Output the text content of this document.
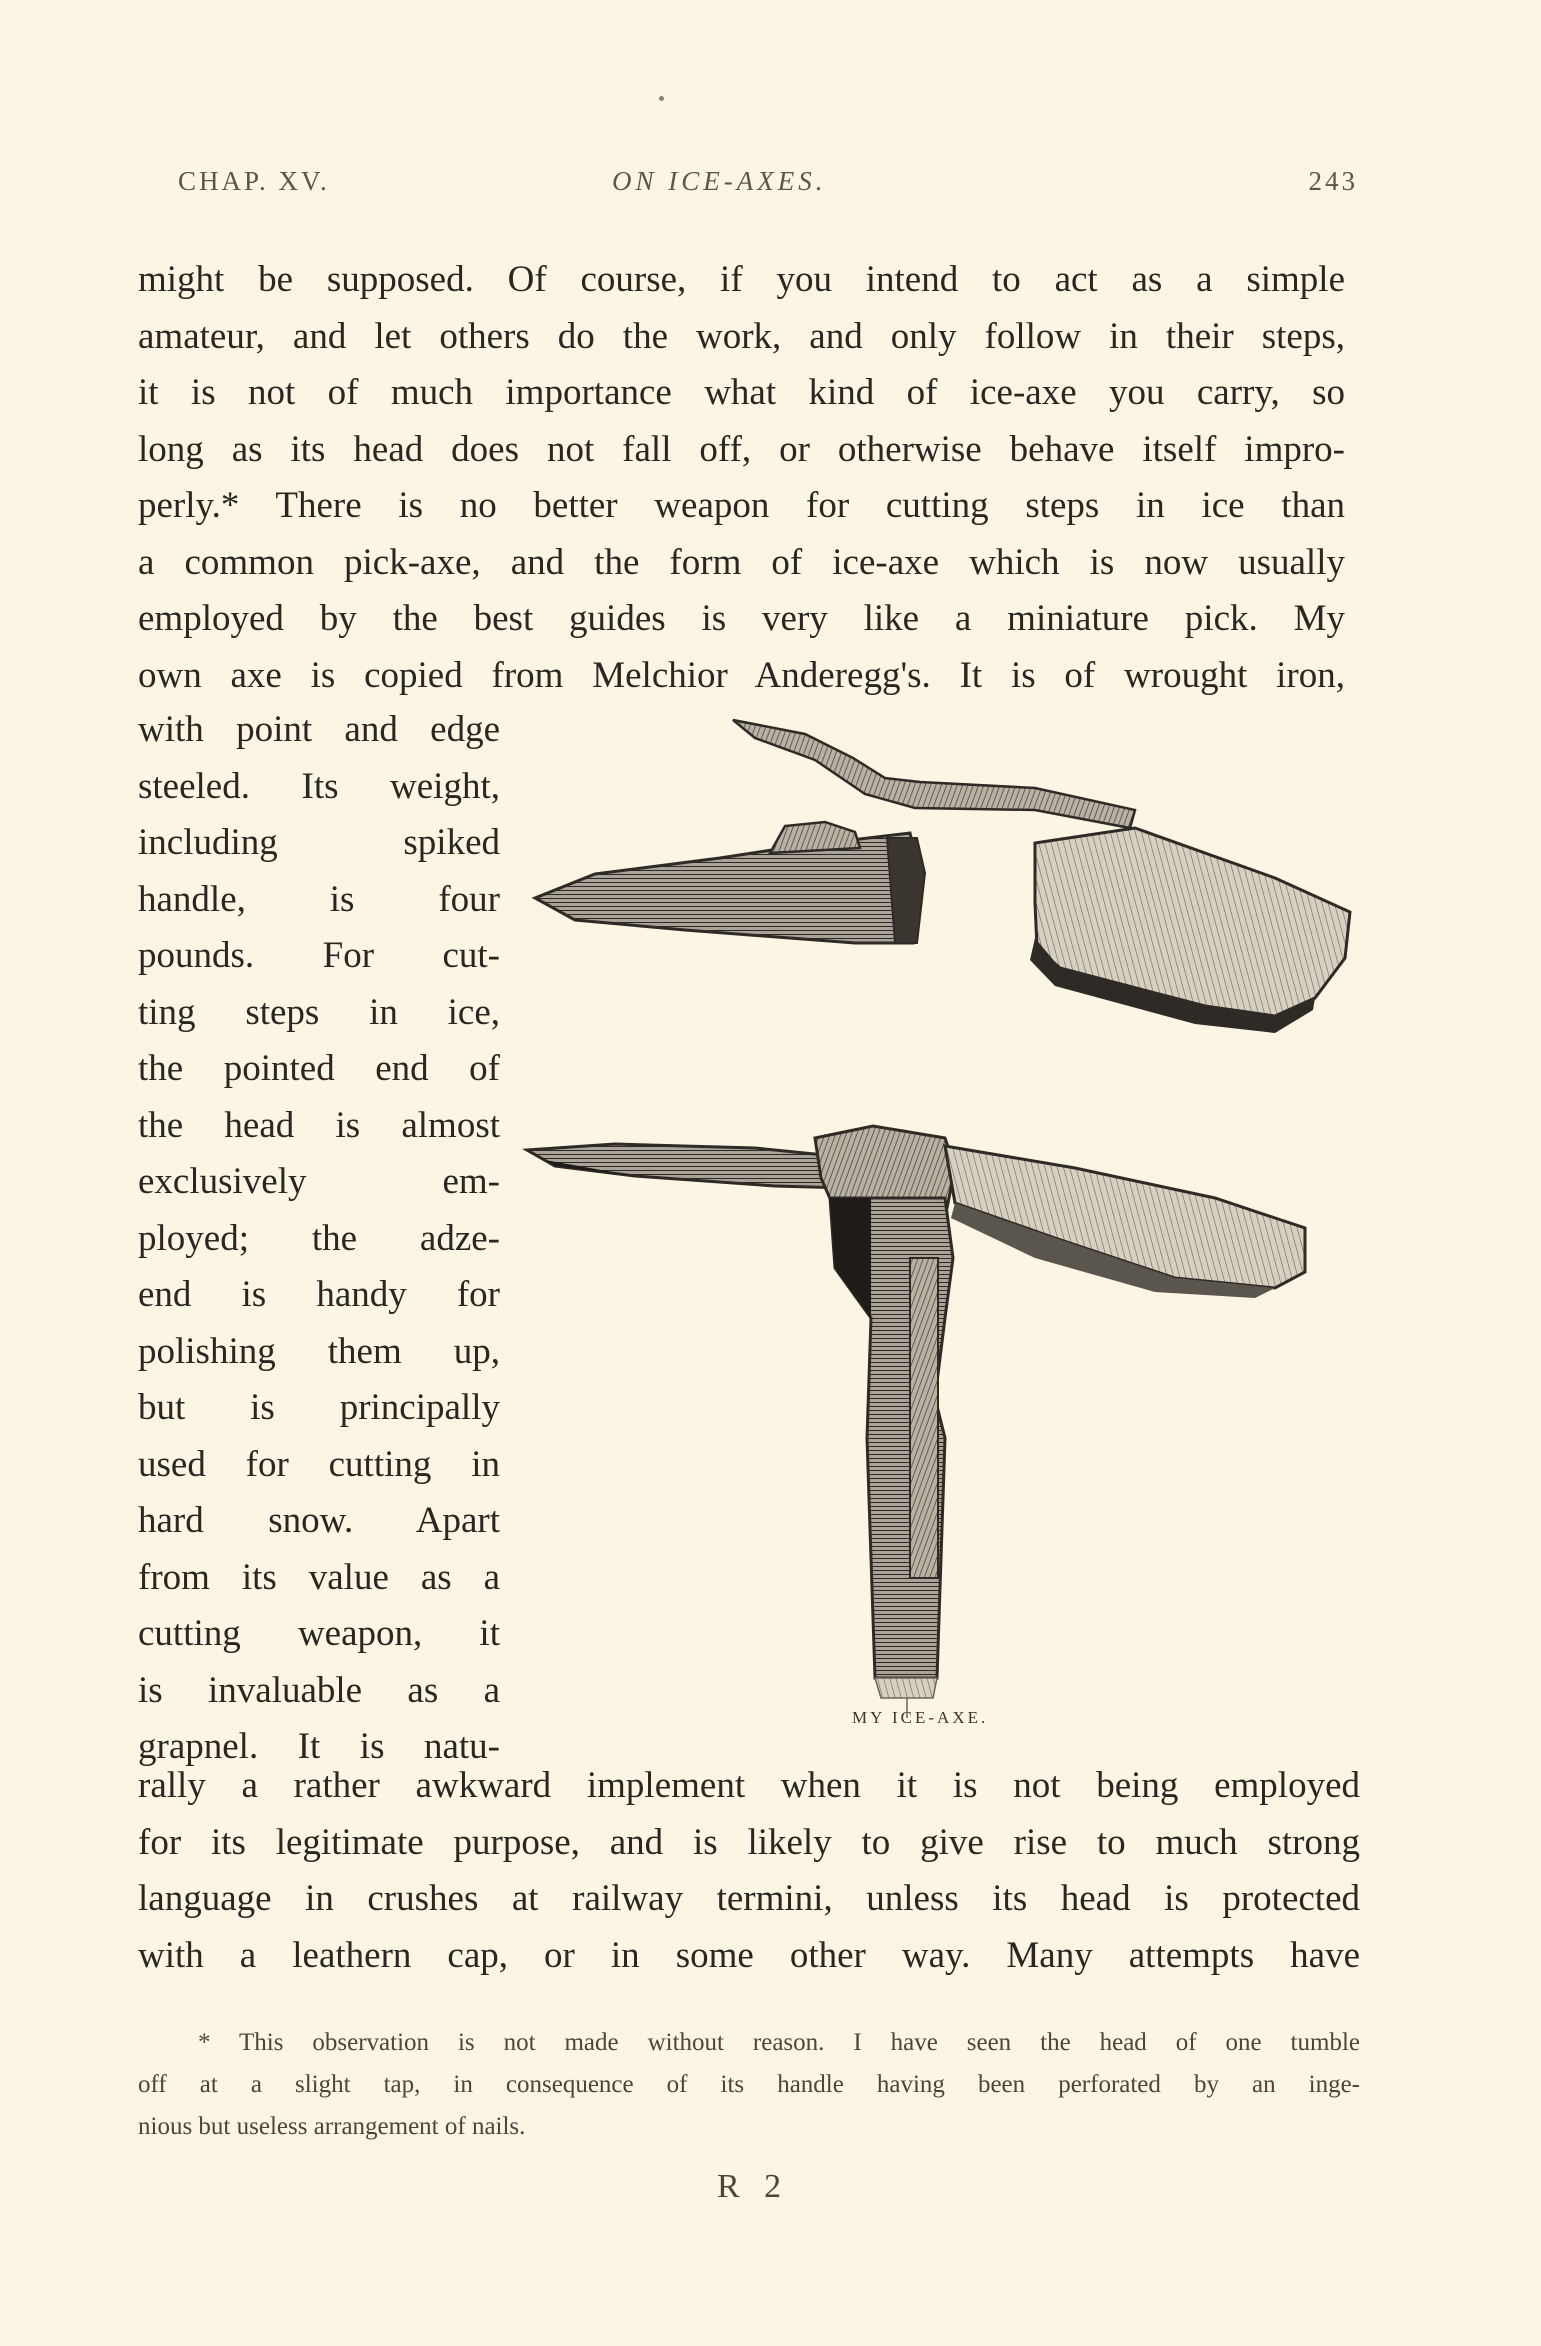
CHAP. XV.	ON ICE-AXES.	243
might be supposed. Of course, if you intend to act as a simple
amateur, and let others do the work, and only follow in their steps,
it is not of much importance what kind of ice-axe you carry, so
long as its head does not fall off, or otherwise behave itself impro-
perly.* There is no better weapon for cutting steps in ice than
a common pick-axe, and the form of ice-axe which is now usually
employed by the best guides is very like a miniature pick. My
own axe is copied from Melchior Anderegg's. It is of wrought iron,
with point and edge
steeled. Its weight,
including spiked
handle, is four
pounds. For cut-
ting steps in ice,
the pointed end of
the head is almost
exclusively em-
ployed; the adze-
end is handy for
polishing them up,
but is principally
used for cutting in
hard snow. Apart
from its value as a
cutting weapon, it
is invaluable as a
grapnel. It is natu-
MY ICE-AXE.
rally a rather awkward implement when it is not being employed
for its legitimate purpose, and is likely to give rise to much strong
language in crushes at railway termini, unless its head is protected
with a leathern cap, or in some other way. Many attempts have
* This observation is not made without reason. I have seen the head of one tumble
off at a slight tap, in consequence of its handle having been perforated by an inge-
nious but useless arrangement of nails.
R 2
